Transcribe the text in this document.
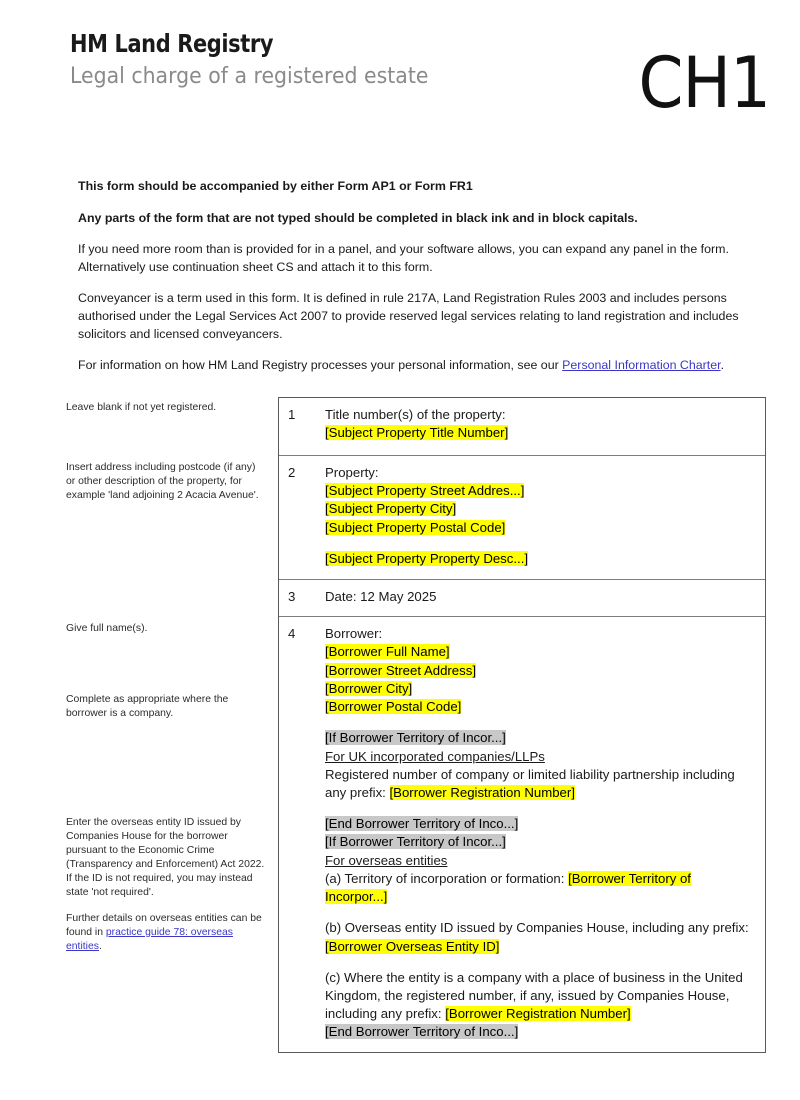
HM Land Registry
Legal charge of a registered estate	CH1

This form should be accompanied by either Form AP1 or Form FR1

Any parts of the form that are not typed should be completed in black ink and in block capitals.

If you need more room than is provided for in a panel, and your software allows, you can expand any panel in the form. Alternatively use continuation sheet CS and attach it to this form.

Conveyancer is a term used in this form. It is defined in rule 217A, Land Registration Rules 2003 and includes persons authorised under the Legal Services Act 2007 to provide reserved legal services relating to land registration and includes solicitors and licensed conveyancers.

For information on how HM Land Registry processes your personal information, see our Personal Information Charter.

Leave blank if not yet registered.
Insert address including postcode (if any) or other description of the property, for example 'land adjoining 2 Acacia Avenue'.
Give full name(s).
Complete as appropriate where the borrower is a company.
Enter the overseas entity ID issued by Companies House for the borrower pursuant to the Economic Crime (Transparency and Enforcement) Act 2022. If the ID is not required, you may instead state 'not required'.
Further details on overseas entities can be found in practice guide 78: overseas entities.
1	Title number(s) of the property:
[Subject Property Title Number]
2	Property:
[Subject Property Street Addres...]
[Subject Property City]
[Subject Property Postal Code]
[Subject Property Property Desc...]
3	Date: 12 May 2025
4	Borrower:
[Borrower Full Name]
[Borrower Street Address]
[Borrower City]
[Borrower Postal Code]
[If Borrower Territory of Incor...]
For UK incorporated companies/LLPs
Registered number of company or limited liability partnership including any prefix: [Borrower Registration Number]
[End Borrower Territory of Inco...]
[If Borrower Territory of Incor...]
For overseas entities
(a) Territory of incorporation or formation: [Borrower Territory of Incorpor...]
(b) Overseas entity ID issued by Companies House, including any prefix: [Borrower Overseas Entity ID]
(c) Where the entity is a company with a place of business in the United Kingdom, the registered number, if any, issued by Companies House, including any prefix: [Borrower Registration Number]
[End Borrower Territory of Inco...]
